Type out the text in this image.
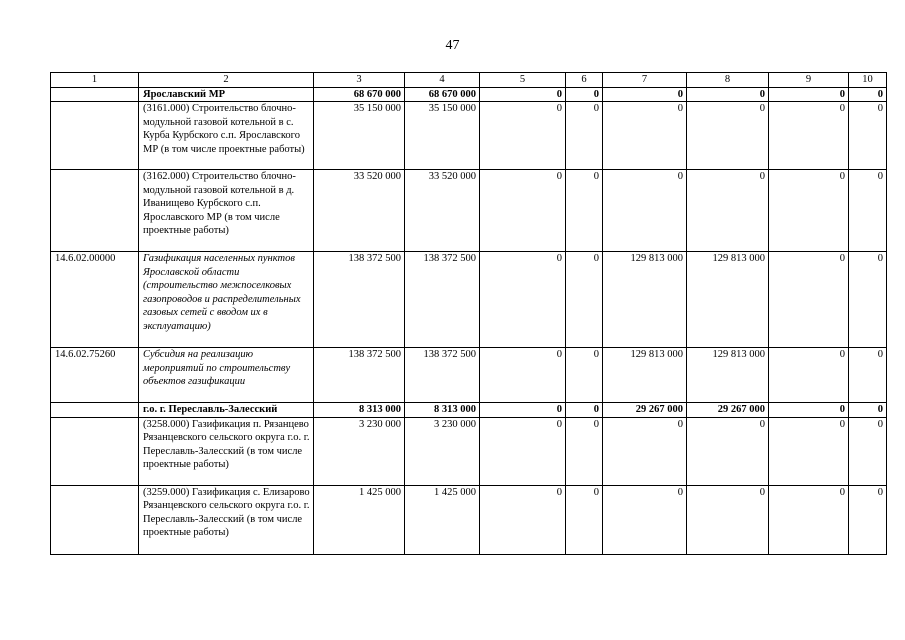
47
1	2	3	4	5	6	7	8	9	10
	Ярославский МР	68 670 000	68 670 000	0	0	0	0	0	0
	(3161.000) Строительство блочно-модульной газовой котельной в с. Курба Курбского с.п. Ярославского МР (в том числе проектные работы)	35 150 000	35 150 000	0	0	0	0	0	0
	(3162.000) Строительство блочно-модульной газовой котельной в д. Иванищево Курбского с.п. Ярославского МР (в том числе проектные работы)	33 520 000	33 520 000	0	0	0	0	0	0
14.6.02.00000	Газификация населенных пунктов Ярославской области (строительство межпоселковых газопроводов и распределительных газовых сетей с вводом их в эксплуатацию)	138 372 500	138 372 500	0	0	129 813 000	129 813 000	0	0
14.6.02.75260	Субсидия на реализацию мероприятий по строительству объектов газификации	138 372 500	138 372 500	0	0	129 813 000	129 813 000	0	0
	г.о. г. Переславль-Залесский	8 313 000	8 313 000	0	0	29 267 000	29 267 000	0	0
	(3258.000) Газификация п. Рязанцево Рязанцевского сельского округа г.о. г. Переславль-Залесский (в том числе проектные работы)	3 230 000	3 230 000	0	0	0	0	0	0
	(3259.000) Газификация с. Елизарово Рязанцевского сельского округа г.о. г. Переславль-Залесский (в том числе проектные работы)	1 425 000	1 425 000	0	0	0	0	0	0
